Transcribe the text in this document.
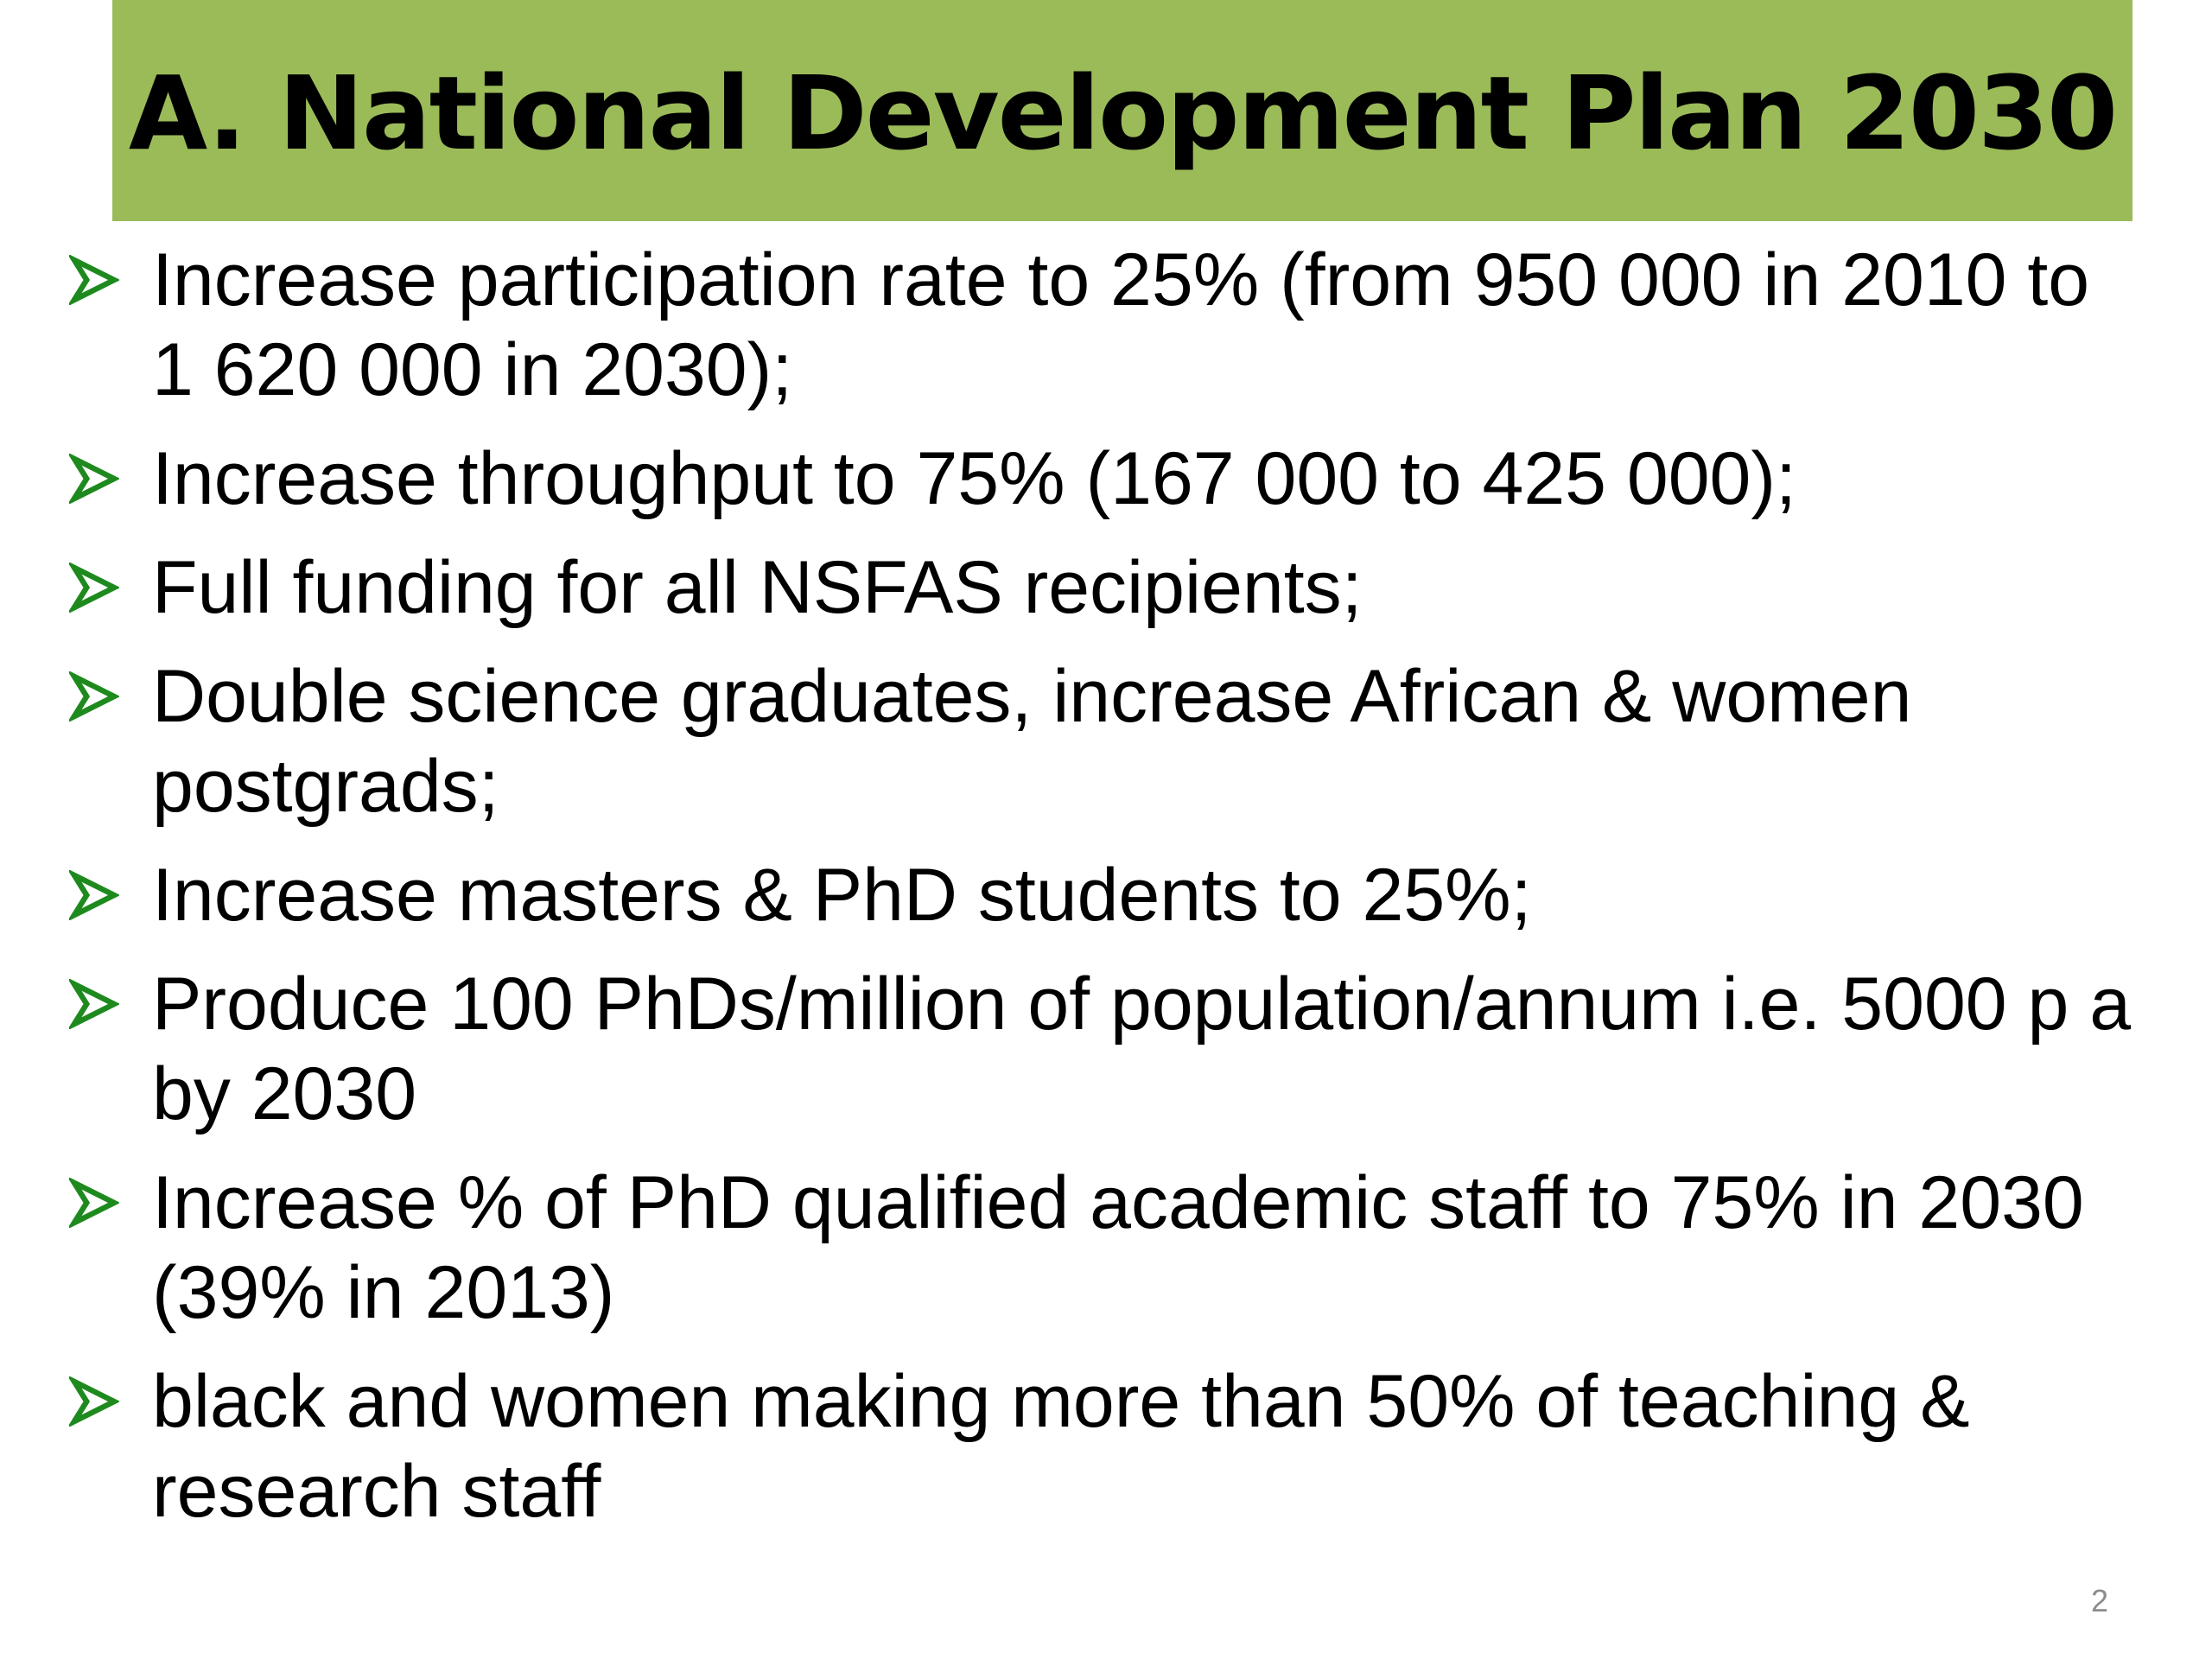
A. National Development Plan 2030
Increase participation rate to 25% (from 950 000 in 2010 to 1 620 000 in 2030);
Increase throughput to 75% (167 000 to 425 000);
Full funding for all NSFAS recipients;
Double science graduates, increase African & women postgrads;
Increase masters & PhD students to 25%;
Produce 100 PhDs/million of population/annum i.e. 5000 p a by 2030
Increase % of PhD qualified academic staff to 75% in 2030 (39% in 2013)
black and women making more than 50% of teaching & research staff
2
